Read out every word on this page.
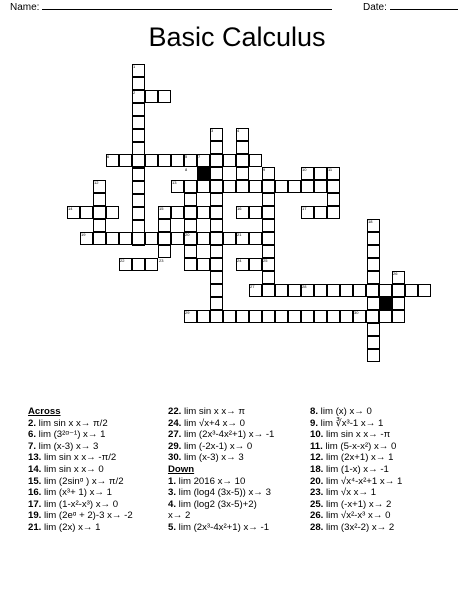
Name:	Date:
Basic Calculus
1
2
3	4
5
6	7
8	9	10	11
12	13
14	15	16	17
18
19	20	21
22	23	24	25
26
27	28
29	30
Across
2. lim sin x x→ π/2
6. lim (3²ᵅ⁻¹) x→ 1
7. lim (x-3) x→ 3
13. lim sin x x→ -π/2
14. lim sin x x→ 0
15. lim (2sinᵅ ) x→ π/2
16. lim (x³+ 1) x→ 1
17. lim (1-x²-x³) x→ 0
19. lim (2eᵅ + 2)-3 x→ -2
21. lim (2x) x→ 1
22. lim sin x x→ π
24. lim √x+4 x→ 0
27. lim (2x³-4x²+1) x→ -1
29. lim (-2x-1) x→ 0
30. lim (x-3) x→ 3
Down
1. lim 2016 x→ 10
3. lim (log4 (3x-5)) x→ 3
4. lim (log2 (3x-5)+2)
x→ 2
5. lim (2x³-4x²+1) x→ -1
8. lim (x) x→ 0
9. lim ∛x³-1 x→ 1
10. lim sin x x→ -π
11. lim (5-x-x²) x→ 0
12. lim (2x+1) x→ 1
18. lim (1-x) x→ -1
20. lim √x⁴-x²+1 x→ 1
23. lim √x x→ 1
25. lim (-x+1) x→ 2
26. lim √x²-x³ x→ 0
28. lim (3x²-2) x→ 2
